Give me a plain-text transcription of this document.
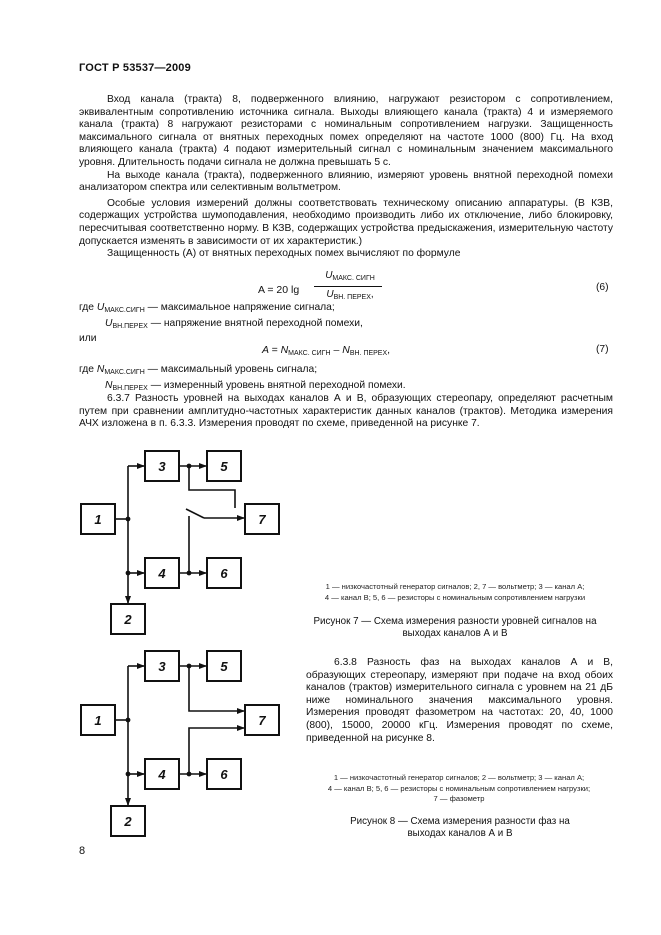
ГОСТ Р 53537—2009

Вход канала (тракта) 8, подверженного влиянию, нагружают резистором с сопротивлением, эквивалентным сопротивлению источника сигнала. Выходы влияющего канала (тракта) 4 и измеряемого канала (тракта) 8 нагружают резисторами с номинальным сопротивлением нагрузки. Защищенность максимального сигнала от внятных переходных помех определяют на частоте 1000 (800) Гц. На вход влияющего канала (тракта) 4 подают измерительный сигнал с номинальным значением максимального уровня. Длительность подачи сигнала не должна превышать 5 с.

На выходе канала (тракта), подверженного влиянию, измеряют уровень внятной переходной помехи анализатором спектра или селективным вольтметром.

Особые условия измерений должны соответствовать техническому описанию аппаратуры. (В КЗВ, содержащих устройства шумоподавления, необходимо производить либо их отключение, либо блокировку, пересчитывая соответственно норму. В КЗВ, содержащих устройства предыскажения, измерительную частоту допускается изменять в зависимости от их характеристик.)

Защищенность (A) от внятных переходных помех вычисляют по формуле

A = 20 lg
$U_{МАКС. СИГН}$
$U_{ВН. ПЕРЕХ}$,
(6)
где $U_{МАКС.СИГН}$ — максимальное напряжение сигнала;
$U_{ВН.ПЕРЕХ}$ — напряжение внятной переходной помехи,
или
$A = N_{МАКС. СИГН} - N_{ВН. ПЕРЕХ}$,	(7)
где $N_{МАКС.СИГН}$ — максимальный уровень сигнала;
$N_{ВН.ПЕРЕХ}$ — измеренный уровень внятной переходной помехи.

6.3.7 Разность уровней на выходах каналов А и В, образующих стереопару, определяют расчетным путем при сравнении амплитудно-частотных характеристик данных каналов (трактов). Методика измерения АЧХ изложена в п. 6.3.3. Измерения проводят по схеме, приведенной на рисунке 7.

1
2
3
4
5
6
7
1 — низкочастотный генератор сигналов; 2, 7 — вольтметр; 3 — канал А;
4 — канал В; 5, 6 — резисторы с номинальным сопротивлением нагрузки
Рисунок 7 — Схема измерения разности уровней сигналов на выходах каналов А и В
1
2
3
4
5
6
7

6.3.8 Разность фаз на выходах каналов А и В, образующих стереопару, измеряют при подаче на вход обоих каналов (трактов) измерительного сигнала с уровнем на 21 дБ ниже номинального значения максимального уровня. Измерения проводят фазометром на частотах: 20, 40, 1000 (800), 15000, 20000 кГц. Измерения проводят по схеме, приведенной на рисунке 8.

1 — низкочастотный генератор сигналов; 2 — вольтметр; 3 — канал А;
4 — канал В; 5, 6 — резисторы с номинальным сопротивлением нагрузки;
7 — фазометр
Рисунок 8 — Схема измерения разности фаз на выходах каналов А и В
8
